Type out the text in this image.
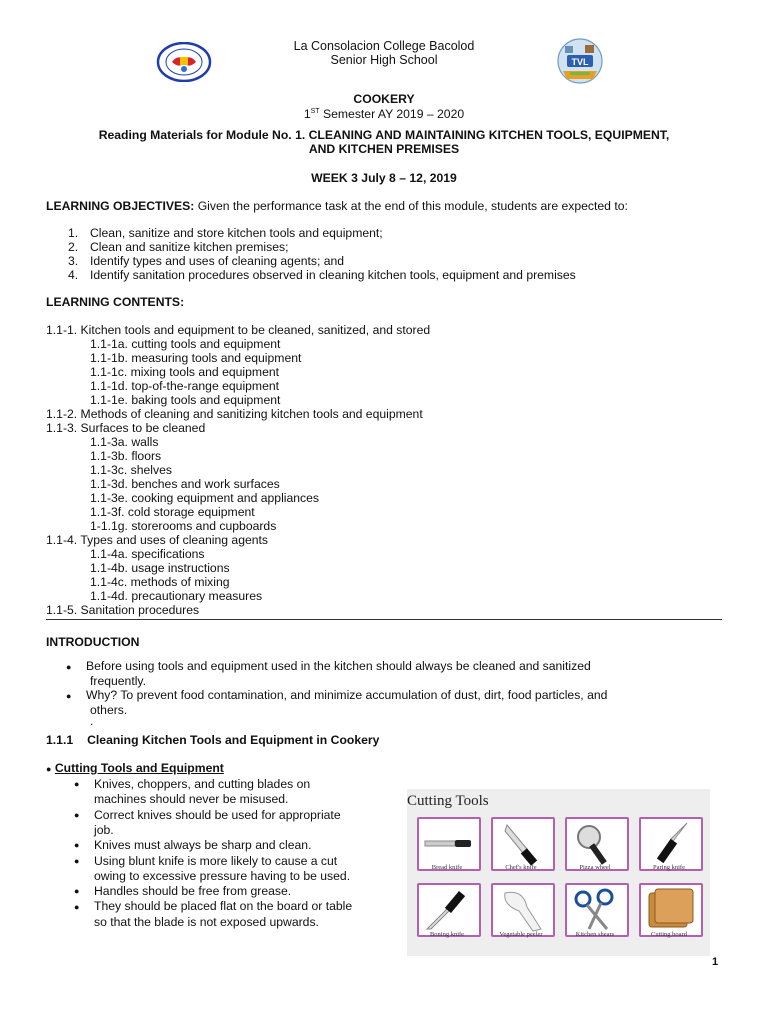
TVL
La Consolacion College Bacolod
Senior High School
COOKERY
1ST Semester AY 2019 – 2020
Reading Materials for Module No. 1. CLEANING AND MAINTAINING KITCHEN TOOLS, EQUIPMENT,
AND KITCHEN PREMISES
WEEK 3 July 8 – 12, 2019
LEARNING OBJECTIVES: Given the performance task at the end of this module, students are expected to:
1. Clean, sanitize and store kitchen tools and equipment;
2. Clean and sanitize kitchen premises;
3. Identify types and uses of cleaning agents; and
4. Identify sanitation procedures observed in cleaning kitchen tools, equipment and premises
LEARNING CONTENTS:
1.1-1. Kitchen tools and equipment to be cleaned, sanitized, and stored
1.1-1a. cutting tools and equipment
1.1-1b. measuring tools and equipment
1.1-1c. mixing tools and equipment
1.1-1d. top-of-the-range equipment
1.1-1e. baking tools and equipment
1.1-2. Methods of cleaning and sanitizing kitchen tools and equipment
1.1-3. Surfaces to be cleaned
1.1-3a. walls
1.1-3b. floors
1.1-3c. shelves
1.1-3d. benches and work surfaces
1.1-3e. cooking equipment and appliances
1.1-3f. cold storage equipment
1-1.1g. storerooms and cupboards
1.1-4. Types and uses of cleaning agents
1.1-4a. specifications
1.1-4b. usage instructions
1.1-4c. methods of mixing
1.1-4d. precautionary measures
1.1-5. Sanitation procedures
INTRODUCTION
● Before using tools and equipment used in the kitchen should always be cleaned and sanitized
frequently.
● Why? To prevent food contamination, and minimize accumulation of dust, dirt, food particles, and
others.
.
1.1.1 Cleaning Kitchen Tools and Equipment in Cookery
● Cutting Tools and Equipment
● Knives, choppers, and cutting blades on
machines should never be misused.
● Correct knives should be used for appropriate
job.
● Knives must always be sharp and clean.
● Using blunt knife is more likely to cause a cut
owing to excessive pressure having to be used.
● Handles should be free from grease.
● They should be placed flat on the board or table
so that the blade is not exposed upwards.
Cutting Tools
Bread knife	Chef's knife	Pizza wheel	Paring knife
Boning knife	Vegetable peeler	Kitchen shears	Cutting board
1
